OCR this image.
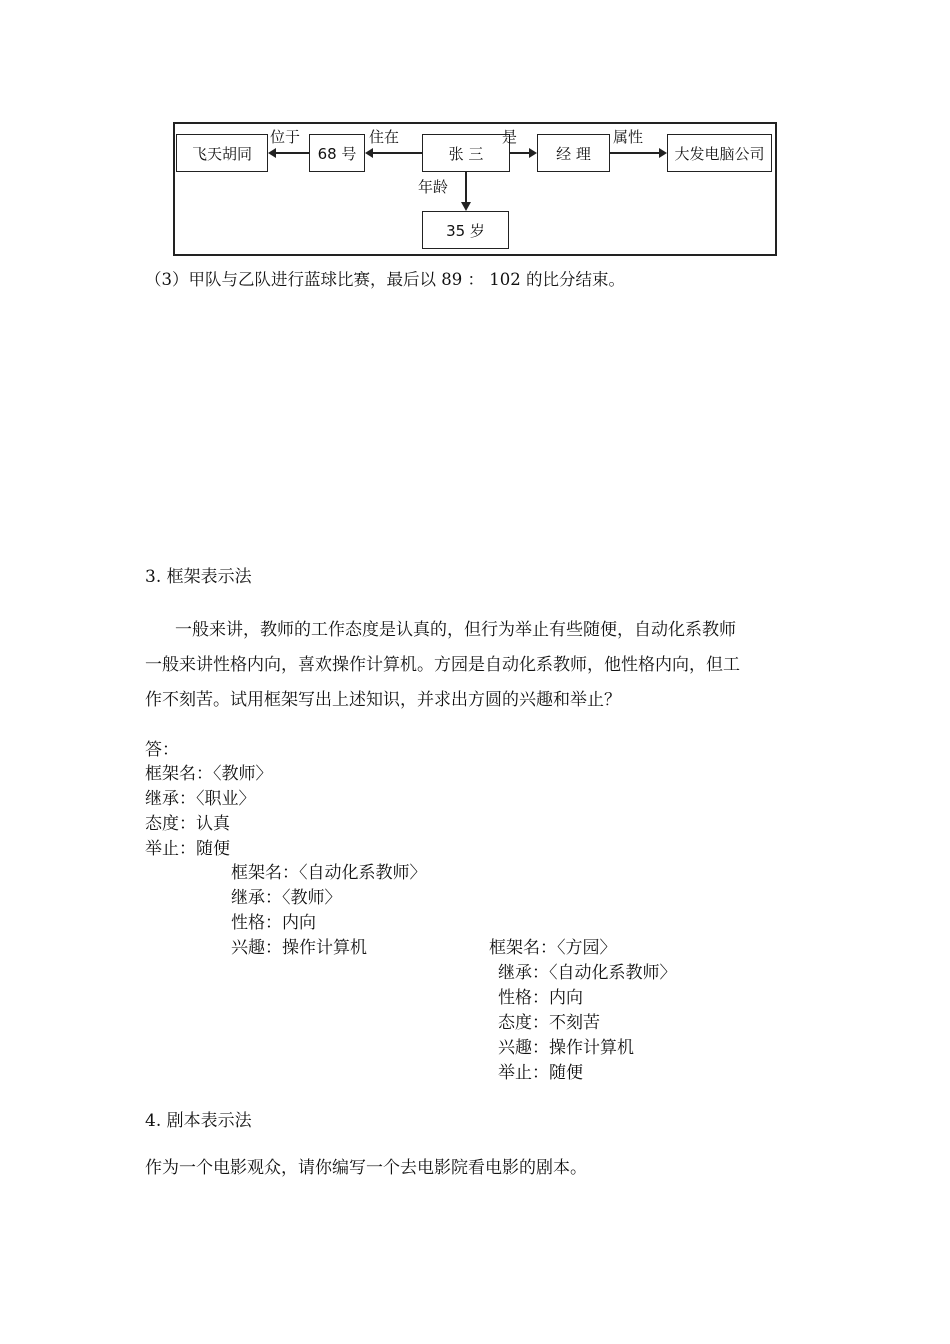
飞天胡同	68 号	张 三	经 理	大发电脑公司
35 岁
位于	住在	是	属性
年龄
（3）甲队与乙队进行蓝球比赛，最后以 89 ： 102 的比分结束。
3. 框架表示法
一般来讲，教师的工作态度是认真的，但行为举止有些随便，自动化系教师
一般来讲性格内向，喜欢操作计算机。方园是自动化系教师，他性格内向，但工
作不刻苦。试用框架写出上述知识，并求出方圆的兴趣和举止？
答：
框架名：〈教师〉
继承：〈职业〉
态度：认真
举止：随便
框架名：〈自动化系教师〉
继承：〈教师〉
性格：内向
兴趣：操作计算机	框架名：〈方园〉
继承：〈自动化系教师〉
性格：内向
态度：不刻苦
兴趣：操作计算机
举止：随便
4. 剧本表示法
作为一个电影观众，请你编写一个去电影院看电影的剧本。
